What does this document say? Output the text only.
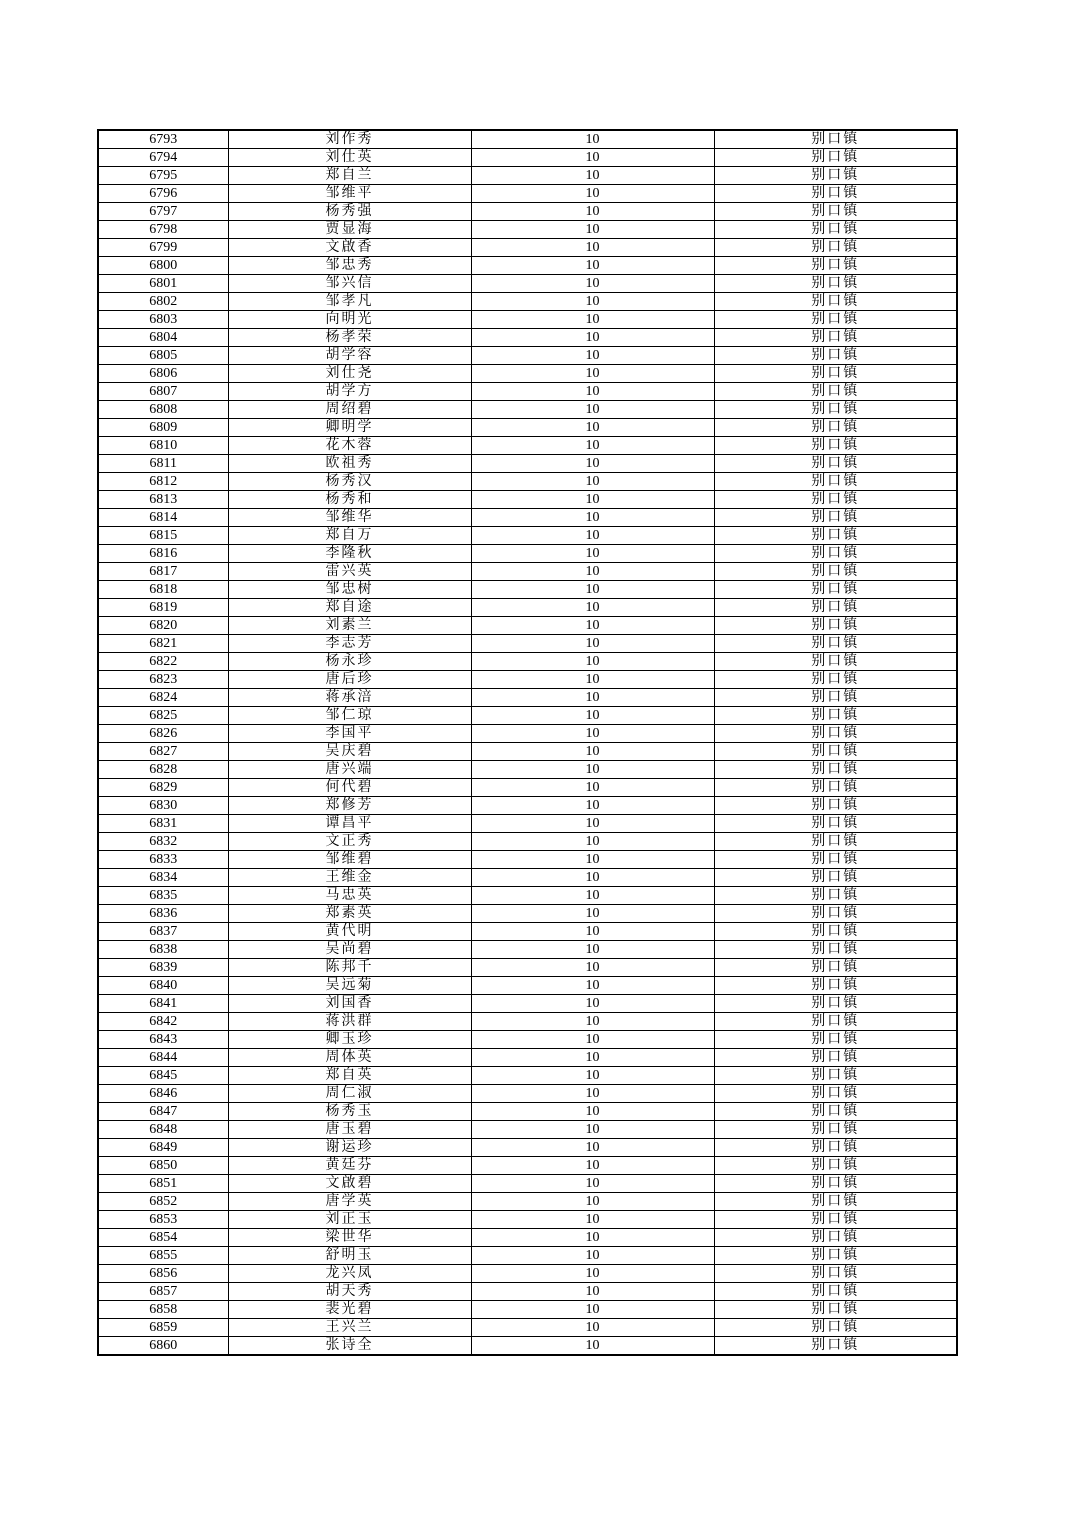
6793	刘作秀	10	别口镇
6794	刘仕英	10	别口镇
6795	郑自兰	10	别口镇
6796	邹维平	10	别口镇
6797	杨秀强	10	别口镇
6798	贾显海	10	别口镇
6799	文啟香	10	别口镇
6800	邹忠秀	10	别口镇
6801	邹兴信	10	别口镇
6802	邹孝凡	10	别口镇
6803	向明光	10	别口镇
6804	杨孝荣	10	别口镇
6805	胡学容	10	别口镇
6806	刘仕尧	10	别口镇
6807	胡学方	10	别口镇
6808	周绍碧	10	别口镇
6809	卿明学	10	别口镇
6810	花木蓉	10	别口镇
6811	欧祖秀	10	别口镇
6812	杨秀汉	10	别口镇
6813	杨秀和	10	别口镇
6814	邹维华	10	别口镇
6815	郑自万	10	别口镇
6816	李隆秋	10	别口镇
6817	雷兴英	10	别口镇
6818	邹忠树	10	别口镇
6819	郑自途	10	别口镇
6820	刘素兰	10	别口镇
6821	李志芳	10	别口镇
6822	杨永珍	10	别口镇
6823	唐后珍	10	别口镇
6824	蒋承涪	10	别口镇
6825	邹仁琼	10	别口镇
6826	李国平	10	别口镇
6827	吴庆碧	10	别口镇
6828	唐兴端	10	别口镇
6829	何代碧	10	别口镇
6830	郑修芳	10	别口镇
6831	谭昌平	10	别口镇
6832	文正秀	10	别口镇
6833	邹维碧	10	别口镇
6834	王维金	10	别口镇
6835	马忠英	10	别口镇
6836	郑素英	10	别口镇
6837	黄代明	10	别口镇
6838	吴尚碧	10	别口镇
6839	陈邦千	10	别口镇
6840	吴远菊	10	别口镇
6841	刘国香	10	别口镇
6842	蒋洪群	10	别口镇
6843	卿玉珍	10	别口镇
6844	周体英	10	别口镇
6845	郑自英	10	别口镇
6846	周仁淑	10	别口镇
6847	杨秀玉	10	别口镇
6848	唐玉碧	10	别口镇
6849	谢运珍	10	别口镇
6850	黄廷芬	10	别口镇
6851	文啟碧	10	别口镇
6852	唐学英	10	别口镇
6853	刘正玉	10	别口镇
6854	梁世华	10	别口镇
6855	舒明玉	10	别口镇
6856	龙兴凤	10	别口镇
6857	胡天秀	10	别口镇
6858	裴光碧	10	别口镇
6859	王兴兰	10	别口镇
6860	张诗全	10	别口镇
